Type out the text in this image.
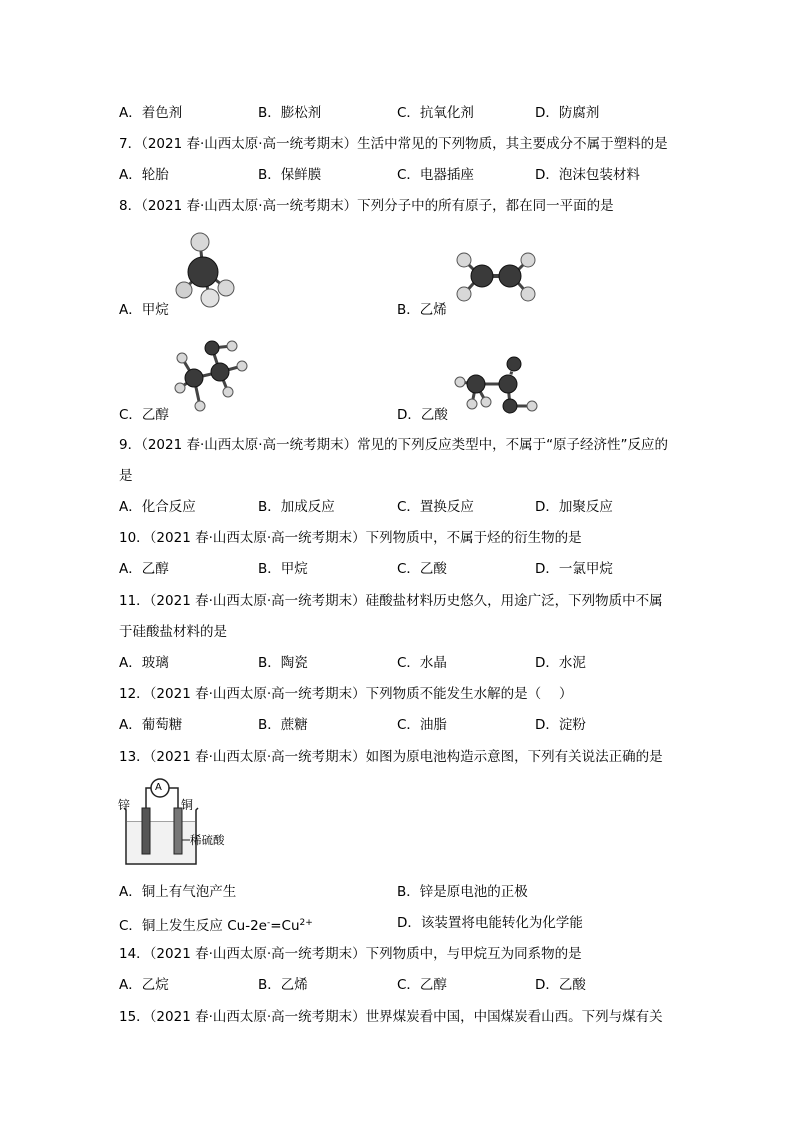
A．着色剂	B．膨松剂	C．抗氧化剂	D．防腐剂
7．（2021 春·山西太原·高一统考期末）生活中常见的下列物质，其主要成分不属于塑料的是
A．轮胎	B．保鲜膜	C．电器插座	D．泡沫包装材料
8．（2021 春·山西太原·高一统考期末）下列分子中的所有原子，都在同一平面的是
A．甲烷	B．乙烯
C．乙醇	D．乙酸
9．（2021 春·山西太原·高一统考期末）常见的下列反应类型中，不属于“原子经济性”反应的
是
A．化合反应	B．加成反应	C．置换反应	D．加聚反应
10．（2021 春·山西太原·高一统考期末）下列物质中，不属于烃的衍生物的是
A．乙醇	B．甲烷	C．乙酸	D．一氯甲烷
11．（2021 春·山西太原·高一统考期末）硅酸盐材料历史悠久，用途广泛，下列物质中不属
于硅酸盐材料的是
A．玻璃	B．陶瓷	C．水晶	D．水泥
12．（2021 春·山西太原·高一统考期末）下列物质不能发生水解的是（　 ）
A．葡萄糖	B．蔗糖	C．油脂	D．淀粉
13．（2021 春·山西太原·高一统考期末）如图为原电池构造示意图，下列有关说法正确的是
锌	铜
A
稀硫酸
A．铜上有气泡产生	B．锌是原电池的正极
C．铜上发生反应 $Cu-2e^-=Cu^{2+}$	D．该装置将电能转化为化学能
14．（2021 春·山西太原·高一统考期末）下列物质中，与甲烷互为同系物的是
A．乙烷	B．乙烯	C．乙醇	D．乙酸
15．（2021 春·山西太原·高一统考期末）世界煤炭看中国，中国煤炭看山西。下列与煤有关
